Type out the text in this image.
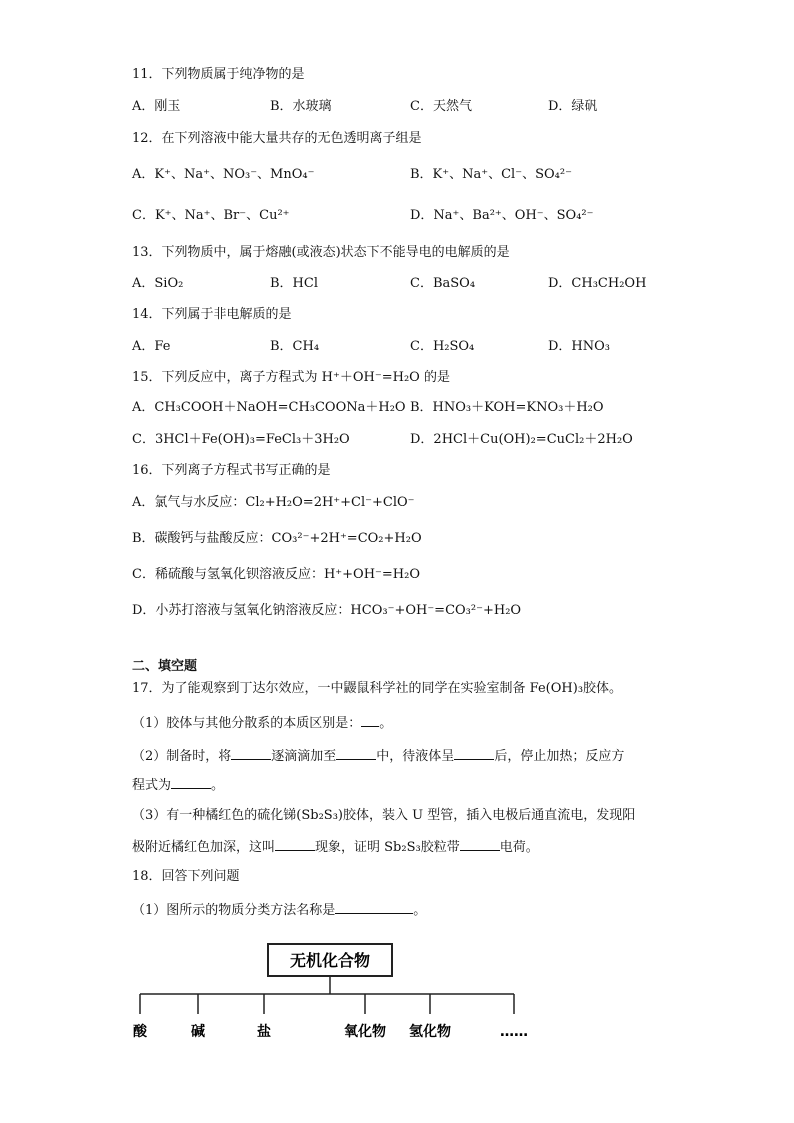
11．下列物质属于纯净物的是
A．刚玉	B．水玻璃	C．天然气	D．绿矾
12．在下列溶液中能大量共存的无色透明离子组是
A．K⁺、Na⁺、NO₃⁻、MnO₄⁻	B．K⁺、Na⁺、Cl⁻、SO₄²⁻
C．K⁺、Na⁺、Br⁻、Cu²⁺	D．Na⁺、Ba²⁺、OH⁻、SO₄²⁻
13．下列物质中，属于熔融(或液态)状态下不能导电的电解质的是
A．SiO₂	B．HCl	C．BaSO₄	D．CH₃CH₂OH
14．下列属于非电解质的是
A．Fe	B．CH₄	C．H₂SO₄	D．HNO₃
15．下列反应中，离子方程式为 H⁺＋OH⁻=H₂O 的是
A．CH₃COOH＋NaOH=CH₃COONa＋H₂O B．HNO₃＋KOH=KNO₃＋H₂O
C．3HCl＋Fe(OH)₃=FeCl₃＋3H₂O	D．2HCl＋Cu(OH)₂=CuCl₂＋2H₂O
16．下列离子方程式书写正确的是
A．氯气与水反应：Cl₂+H₂O=2H⁺+Cl⁻+ClO⁻
B．碳酸钙与盐酸反应：CO₃²⁻+2H⁺=CO₂+H₂O
C．稀硫酸与氢氧化钡溶液反应：H⁺+OH⁻=H₂O
D．小苏打溶液与氢氧化钠溶液反应：HCO₃⁻+OH⁻=CO₃²⁻+H₂O
二、填空题
17．为了能观察到丁达尔效应，一中鼹鼠科学社的同学在实验室制备 Fe(OH)₃胶体。
（1）胶体与其他分散系的本质区别是： 。
（2）制备时，将	逐滴滴加至	中，待液体呈	后，停止加热；反应方
程式为	。
（3）有一种橘红色的硫化锑(Sb₂S₃)胶体，装入 U 型管，插入电极后通直流电，发现阳
极附近橘红色加深，这叫	现象，证明 Sb₂S₃胶粒带	电荷。
18．回答下列问题
（1）图所示的物质分类方法名称是	。
无机化合物
酸	碱	盐	氧化物 氢化物	……
